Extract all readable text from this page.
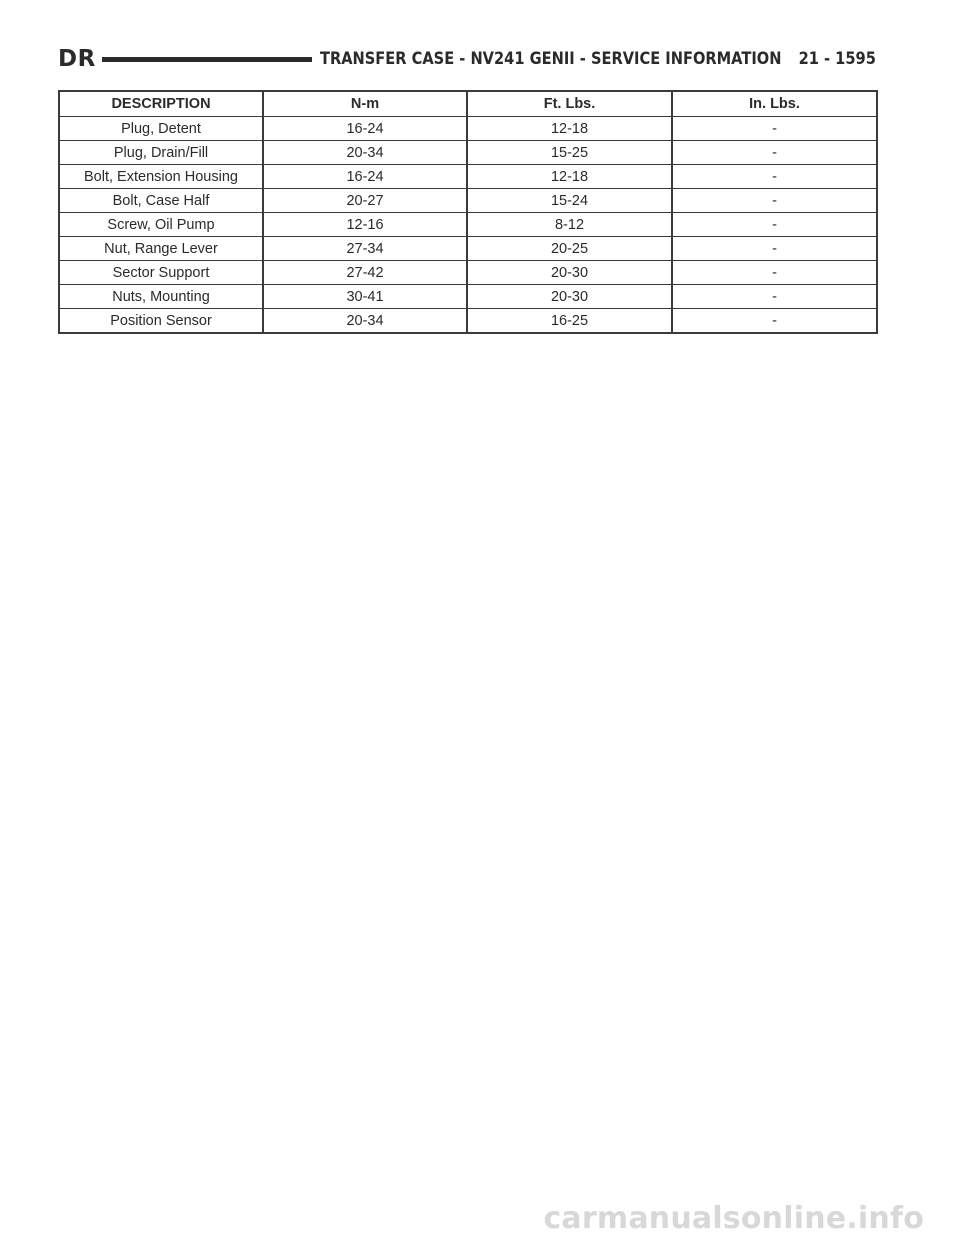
DR	TRANSFER CASE - NV241 GENII - SERVICE INFORMATION 21 - 1595
DESCRIPTION	N-m	Ft. Lbs.	In. Lbs.
Plug, Detent	16-24	12-18	-
Plug, Drain/Fill	20-34	15-25	-
Bolt, Extension Housing	16-24	12-18	-
Bolt, Case Half	20-27	15-24	-
Screw, Oil Pump	12-16	8-12	-
Nut, Range Lever	27-34	20-25	-
Sector Support	27-42	20-30	-
Nuts, Mounting	30-41	20-30	-
Position Sensor	20-34	16-25	-
carmanualsonline.info
